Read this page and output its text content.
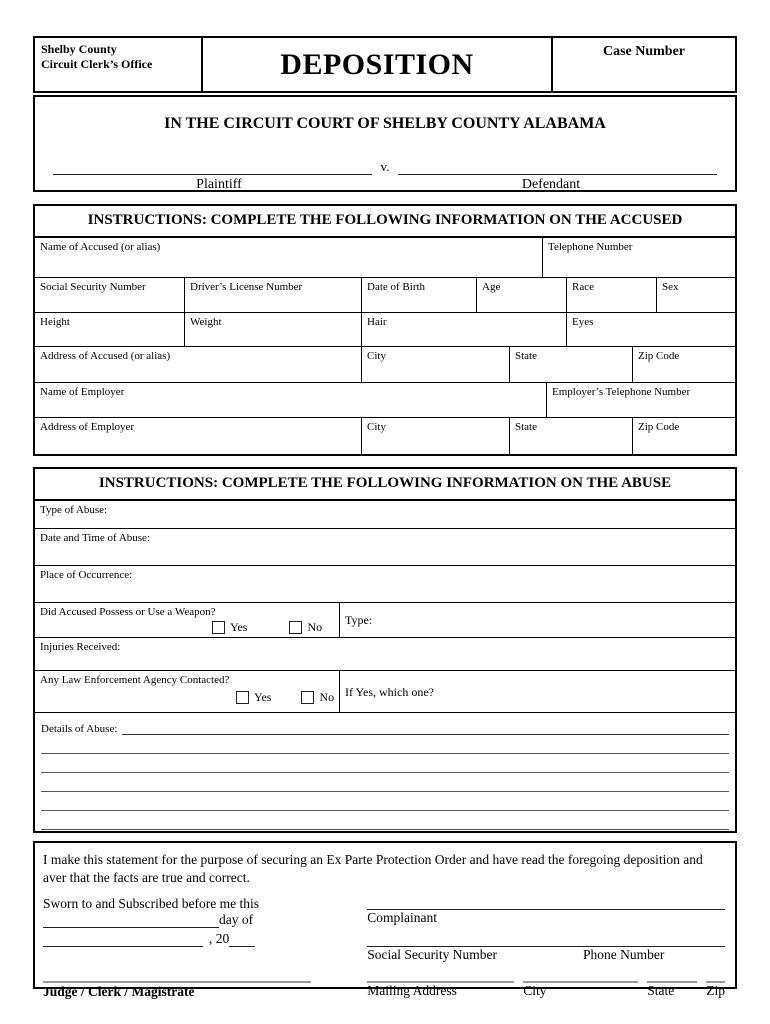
Shelby County
Circuit Clerk’s Office	DEPOSITION	Case Number
IN THE CIRCUIT COURT OF SHELBY COUNTY ALABAMA
v.
Plaintiff	Defendant
INSTRUCTIONS: COMPLETE THE FOLLOWING INFORMATION ON THE ACCUSED
Name of Accused (or alias)	Telephone Number
Social Security Number	Driver’s License Number	Date of Birth	Age	Race	Sex
Height	Weight	Hair	Eyes
Address of Accused (or alias)	City	State	Zip Code
Name of Employer	Employer’s Telephone Number
Address of Employer	City	State	Zip Code
INSTRUCTIONS: COMPLETE THE FOLLOWING INFORMATION ON THE ABUSE
Type of Abuse:
Date and Time of Abuse:
Place of Occurrence:
Did Accused Possess or Use a Weapon?
Yes	No Type:
Injuries Received:
Any Law Enforcement Agency Contacted?
Yes	No If Yes, which one?
Details of Abuse:
I make this statement for the purpose of securing an Ex Parte Protection Order and have read the foregoing deposition and aver that the facts are true and correct.
Sworn to and Subscribed before me this
day of
, 20
Judge / Clerk / Magistrate
Complainant
Social Security Number	Phone Number
Mailing Address	City	State	Zip
